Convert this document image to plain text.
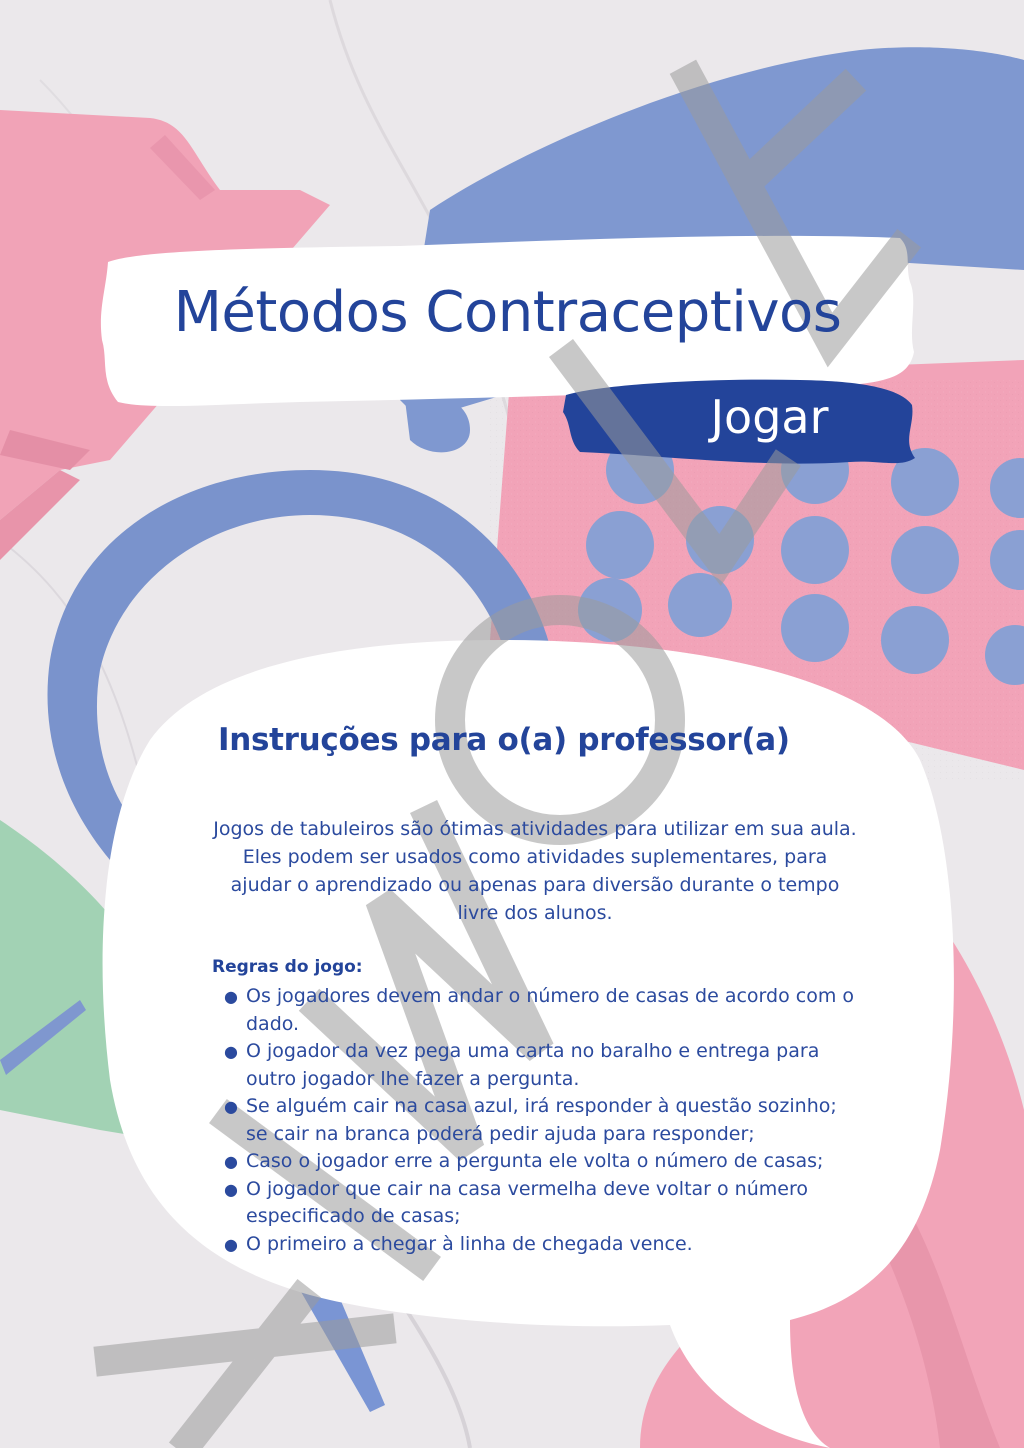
Métodos Contraceptivos
Jogar
Instruções para o(a) professor(a)
Jogos de tabuleiros são ótimas atividades para utilizar em sua aula. Eles podem ser usados como atividades suplementares, para ajudar o aprendizado ou apenas para diversão durante o tempo livre dos alunos.
Regras do jogo:
● Os jogadores devem andar o número de casas de acordo com o dado.
● O jogador da vez pega uma carta no baralho e entrega para outro jogador lhe fazer a pergunta.
● Se alguém cair na casa azul, irá responder à questão sozinho; se cair na branca poderá pedir ajuda para responder;
● Caso o jogador erre a pergunta ele volta o número de casas;
● O jogador que cair na casa vermelha deve voltar o número especificado de casas;
● O primeiro a chegar à linha de chegada vence.
